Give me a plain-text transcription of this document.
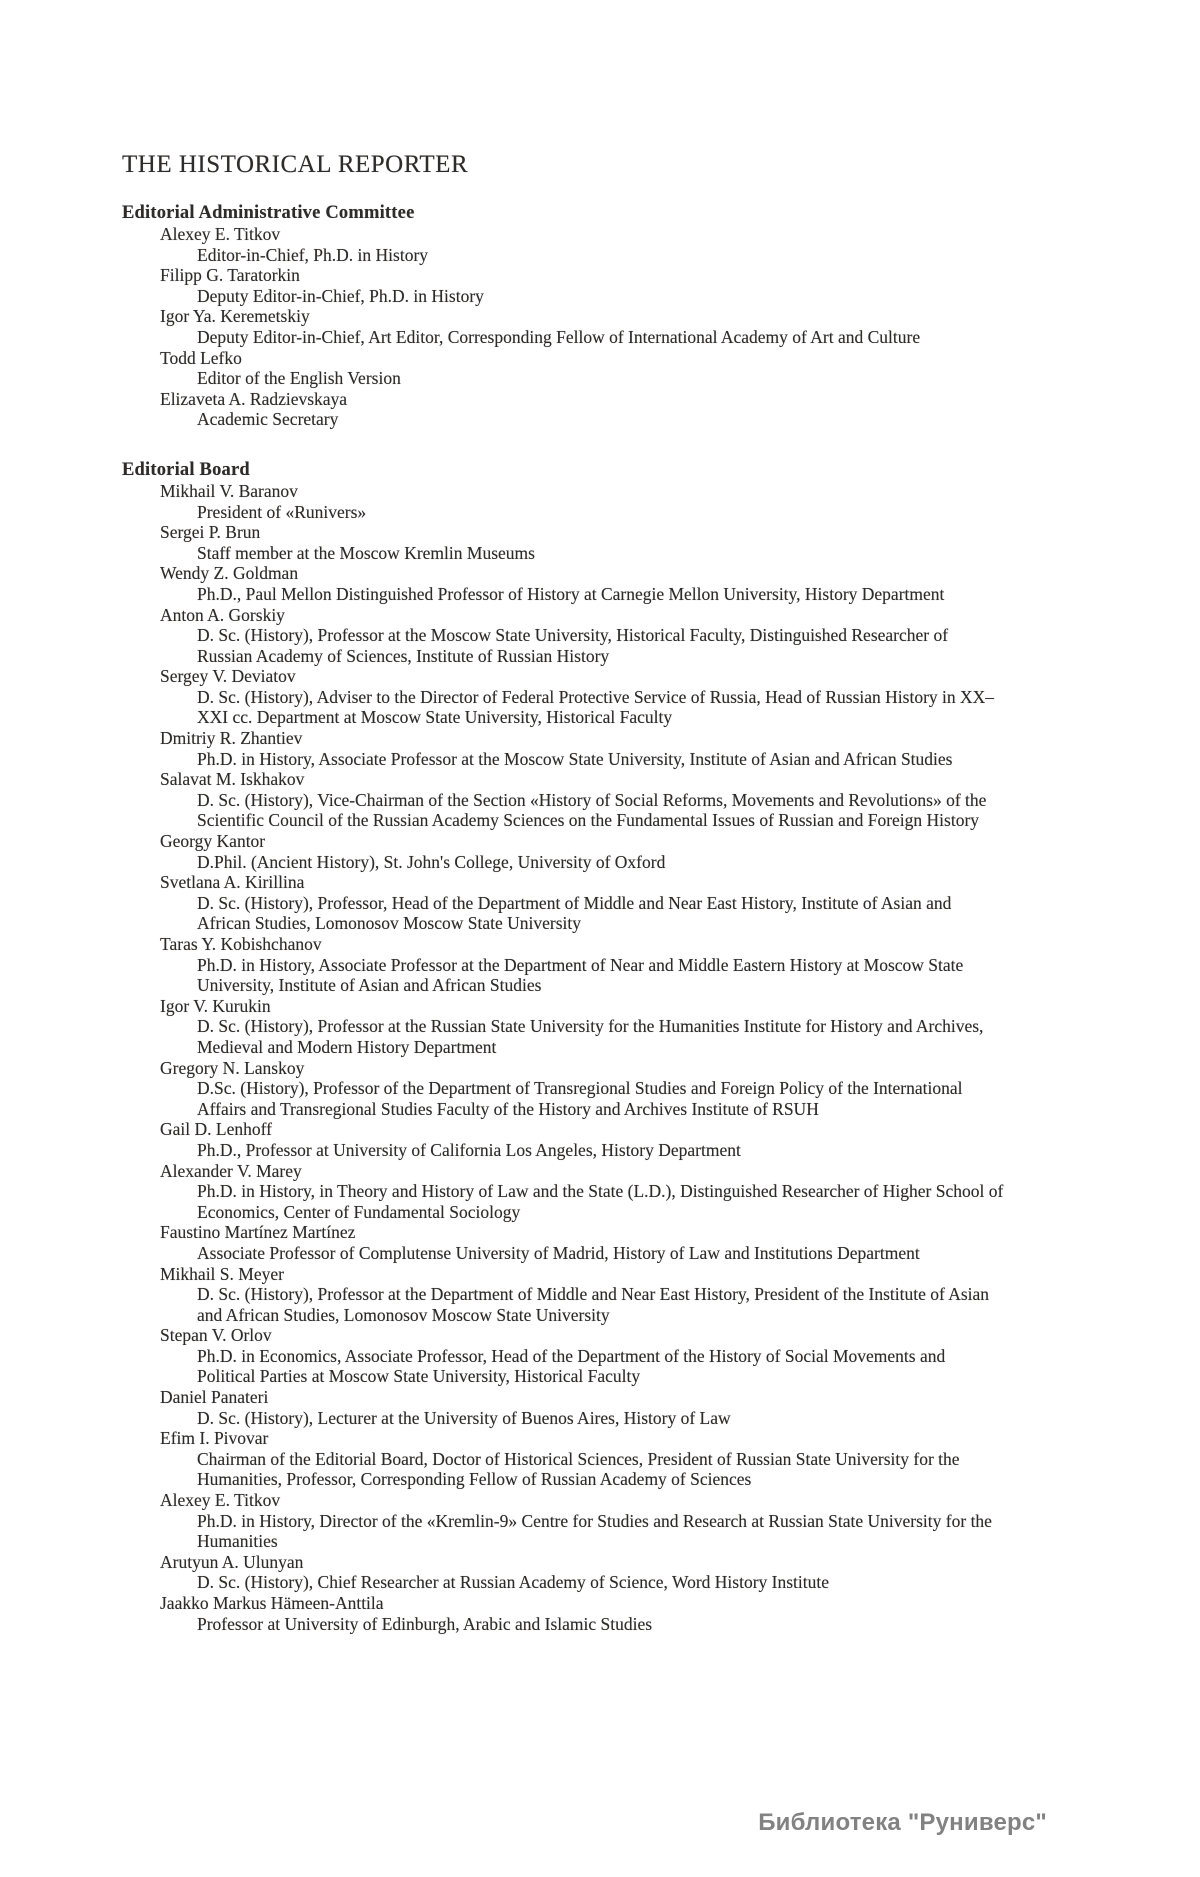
THE HISTORICAL REPORTER
Editorial Administrative Committee
Alexey E. Titkov
Editor-in-Chief, Ph.D. in History
Filipp G. Taratorkin
Deputy Editor-in-Chief, Ph.D. in History
Igor Ya. Keremetskiy
Deputy Editor-in-Chief, Art Editor, Corresponding Fellow of International Academy of Art and Culture
Todd Lefko
Editor of the English Version
Elizaveta A. Radzievskaya
Academic Secretary
Editorial Board
Mikhail V. Baranov
President of «Runivers»
Sergei P. Brun
Staff member at the Moscow Kremlin Museums
Wendy Z. Goldman
Ph.D., Paul Mellon Distinguished Professor of History at Carnegie Mellon University, History Department
Anton A. Gorskiy
D. Sc. (History), Professor at the Moscow State University, Historical Faculty, Distinguished Researcher of Russian Academy of Sciences, Institute of Russian History
Sergey V. Deviatov
D. Sc. (History), Adviser to the Director of Federal Protective Service of Russia, Head of Russian History in XX–XXI cc. Department at Moscow State University, Historical Faculty
Dmitriy R. Zhantiev
Ph.D. in History, Associate Professor at the Moscow State University, Institute of Asian and African Studies
Salavat M. Iskhakov
D. Sc. (History), Vice-Chairman of the Section «History of Social Reforms, Movements and Revolutions» of the Scientific Council of the Russian Academy Sciences on the Fundamental Issues of Russian and Foreign History
Georgy Kantor
D.Phil. (Ancient History), St. John's College, University of Oxford
Svetlana A. Kirillina
D. Sc. (History), Professor, Head of the Department of Middle and Near East History, Institute of Asian and African Studies, Lomonosov Moscow State University
Taras Y. Kobishchanov
Ph.D. in History, Associate Professor at the Department of Near and Middle Eastern History at Moscow State University, Institute of Asian and African Studies
Igor V. Kurukin
D. Sc. (History), Professor at the Russian State University for the Humanities Institute for History and Archives, Medieval and Modern History Department
Gregory N. Lanskoy
D.Sc. (History), Professor of the Department of Transregional Studies and Foreign Policy of the International Affairs and Transregional Studies Faculty of the History and Archives Institute of RSUH
Gail D. Lenhoff
Ph.D., Professor at University of California Los Angeles, History Department
Alexander V. Marey
Ph.D. in History, in Theory and History of Law and the State (L.D.), Distinguished Researcher of Higher School of Economics, Center of Fundamental Sociology
Faustino Martínez Martínez
Associate Professor of Complutense University of Madrid, History of Law and Institutions Department
Mikhail S. Meyer
D. Sc. (History), Professor at the Department of Middle and Near East History, President of the Institute of Asian and African Studies, Lomonosov Moscow State University
Stepan V. Orlov
Ph.D. in Economics, Associate Professor, Head of the Department of the History of Social Movements and Political Parties at Moscow State University, Historical Faculty
Daniel Panateri
D. Sc. (History), Lecturer at the University of Buenos Aires, History of Law
Efim I. Pivovar
Chairman of the Editorial Board, Doctor of Historical Sciences, President of Russian State University for the Humanities, Professor, Corresponding Fellow of Russian Academy of Sciences
Alexey E. Titkov
Ph.D. in History, Director of the «Kremlin-9» Centre for Studies and Research at Russian State University for the Humanities
Arutyun A. Ulunyan
D. Sc. (History), Chief Researcher at Russian Academy of Science, Word History Institute
Jaakko Markus Hämeen-Anttila
Professor at University of Edinburgh, Arabic and Islamic Studies
Библиотека "Руниверс"
